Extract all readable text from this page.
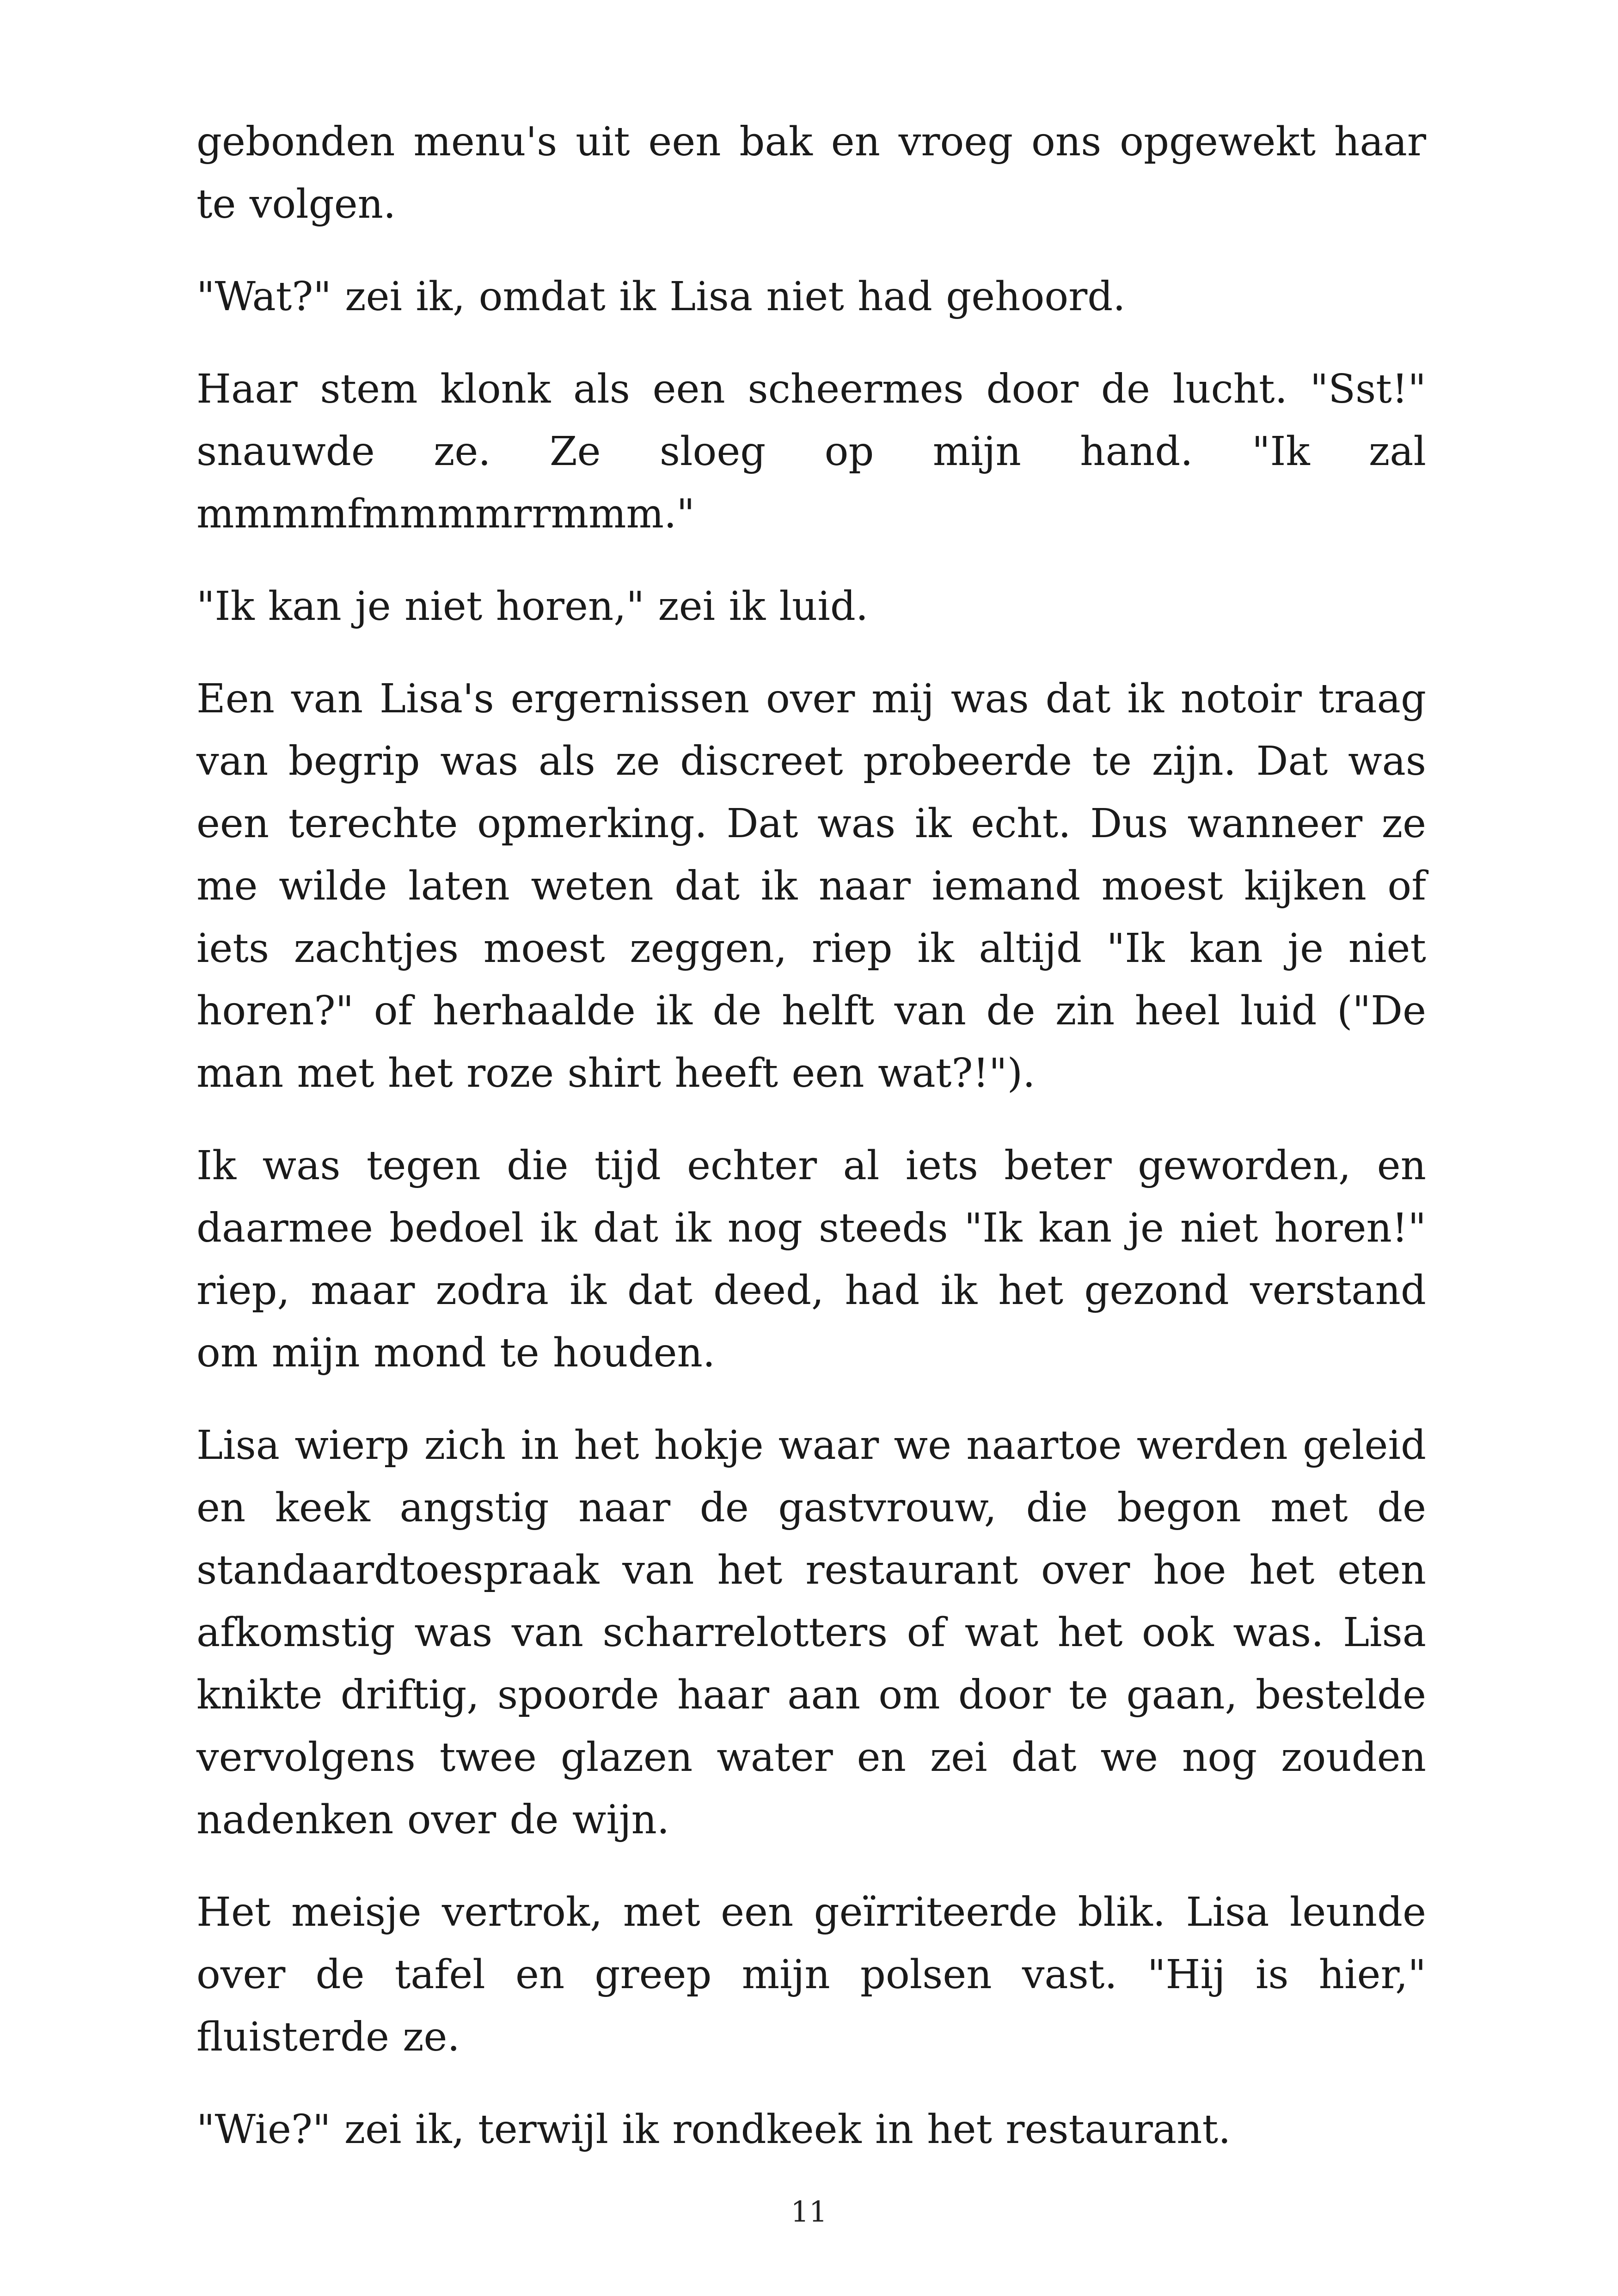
gebonden menu's uit een bak en vroeg ons opgewekt haar te volgen.

"Wat?" zei ik, omdat ik Lisa niet had gehoord.

Haar stem klonk als een scheermes door de lucht. "Sst!" snauwde ze. Ze sloeg op mijn hand. "Ik zal mmmmfmmmmrrmmm."

"Ik kan je niet horen," zei ik luid.

Een van Lisa's ergernissen over mij was dat ik notoir traag van begrip was als ze discreet probeerde te zijn. Dat was een terechte opmerking. Dat was ik echt. Dus wanneer ze me wilde laten weten dat ik naar iemand moest kijken of iets zachtjes moest zeggen, riep ik altijd "Ik kan je niet horen?" of herhaalde ik de helft van de zin heel luid ("De man met het roze shirt heeft een wat?!").

Ik was tegen die tijd echter al iets beter geworden, en daarmee bedoel ik dat ik nog steeds "Ik kan je niet horen!" riep, maar zodra ik dat deed, had ik het gezond verstand om mijn mond te houden.

Lisa wierp zich in het hokje waar we naartoe werden geleid en keek angstig naar de gastvrouw, die begon met de standaardtoespraak van het restaurant over hoe het eten afkomstig was van scharrelotters of wat het ook was. Lisa knikte driftig, spoorde haar aan om door te gaan, bestelde vervolgens twee glazen water en zei dat we nog zouden nadenken over de wijn.

Het meisje vertrok, met een geïrriteerde blik. Lisa leunde over de tafel en greep mijn polsen vast. "Hij is hier," fluisterde ze.

"Wie?" zei ik, terwijl ik rondkeek in het restaurant.

11
